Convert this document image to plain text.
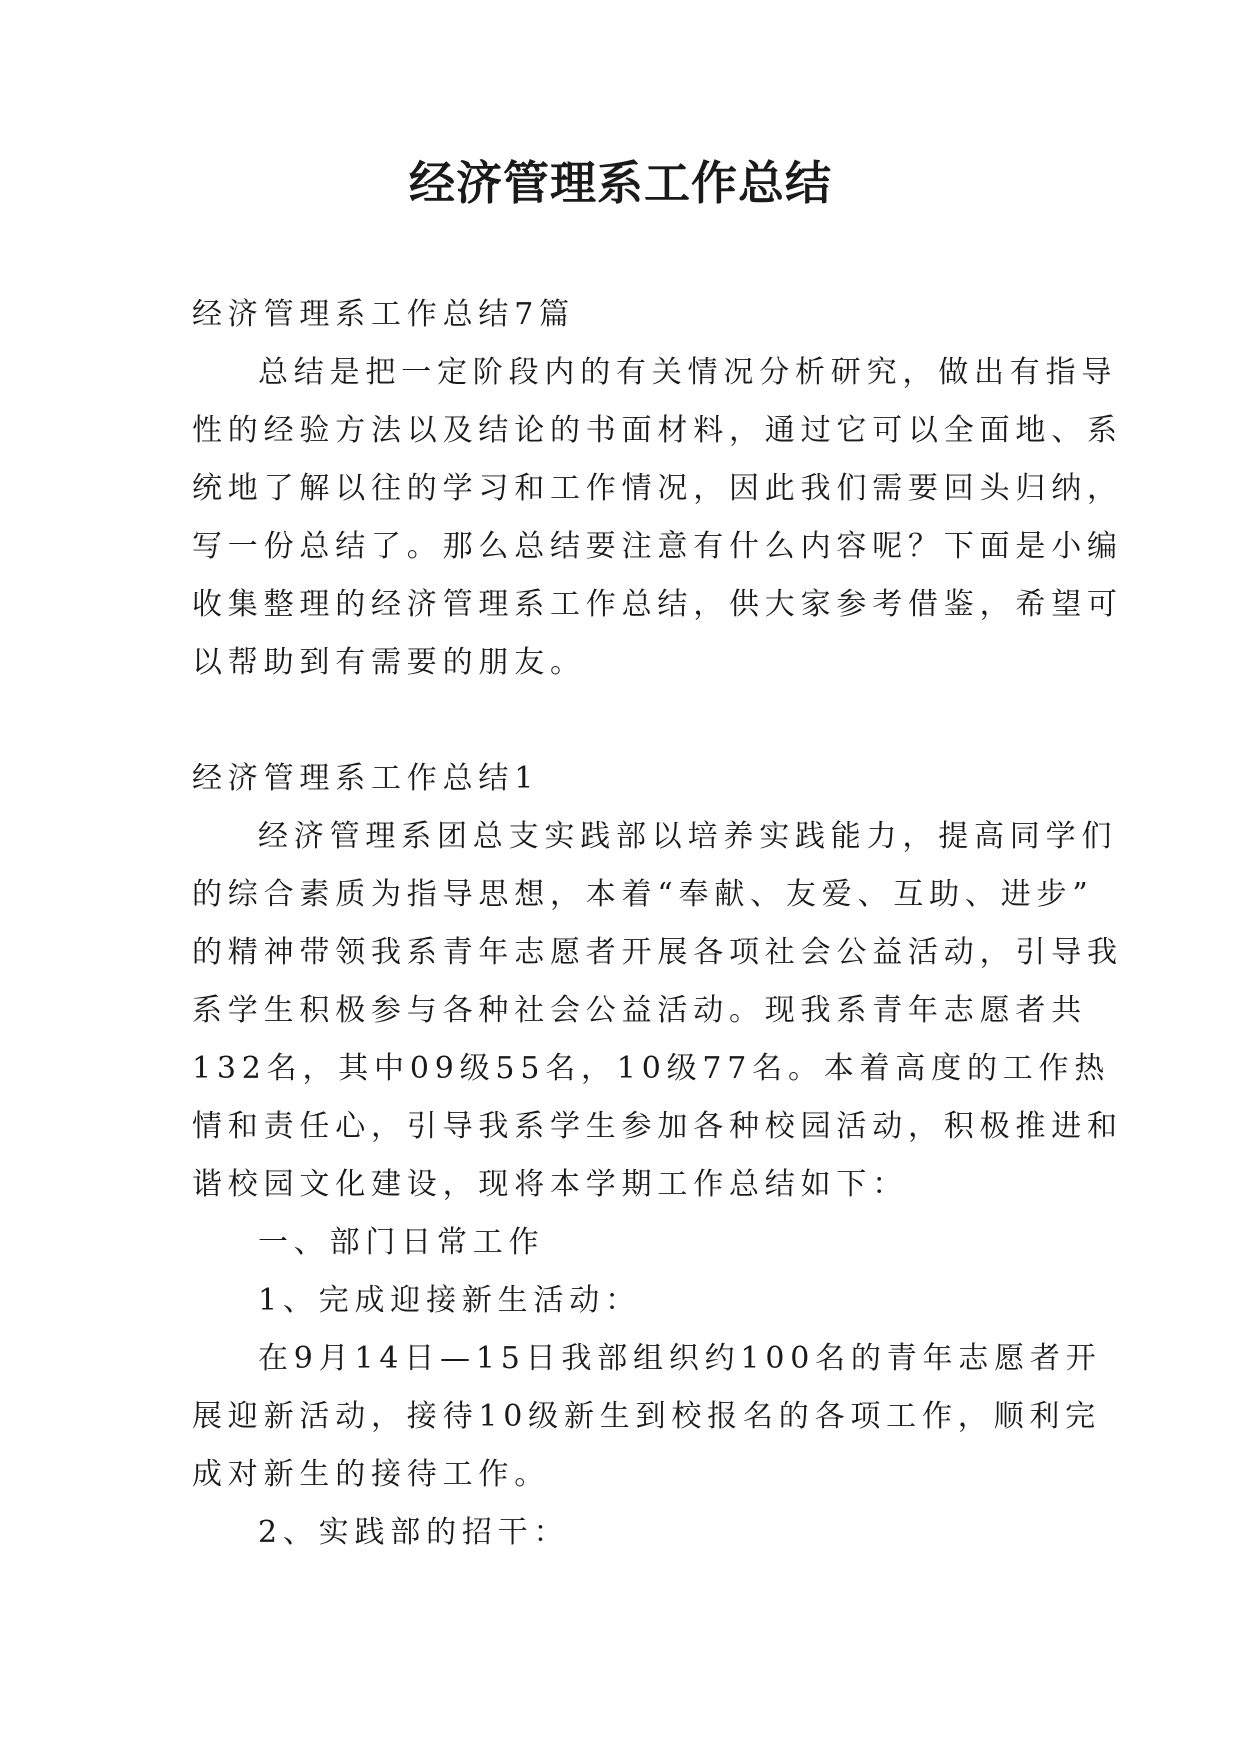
经济管理系工作总结

经济管理系工作总结7篇

总结是把一定阶段内的有关情况分析研究，做出有指导

性的经验方法以及结论的书面材料，通过它可以全面地、系

统地了解以往的学习和工作情况，因此我们需要回头归纳，

写一份总结了。那么总结要注意有什么内容呢？下面是小编

收集整理的经济管理系工作总结，供大家参考借鉴，希望可

以帮助到有需要的朋友。

经济管理系工作总结1

经济管理系团总支实践部以培养实践能力，提高同学们

的综合素质为指导思想，本着“奉献、友爱、互助、进步”

的精神带领我系青年志愿者开展各项社会公益活动，引导我

系学生积极参与各种社会公益活动。现我系青年志愿者共

132名，其中09级55名，10级77名。本着高度的工作热

情和责任心，引导我系学生参加各种校园活动，积极推进和

谐校园文化建设，现将本学期工作总结如下：

一、部门日常工作

1、完成迎接新生活动：

在9月14日—15日我部组织约100名的青年志愿者开

展迎新活动，接待10级新生到校报名的各项工作，顺利完

成对新生的接待工作。

2、实践部的招干：
